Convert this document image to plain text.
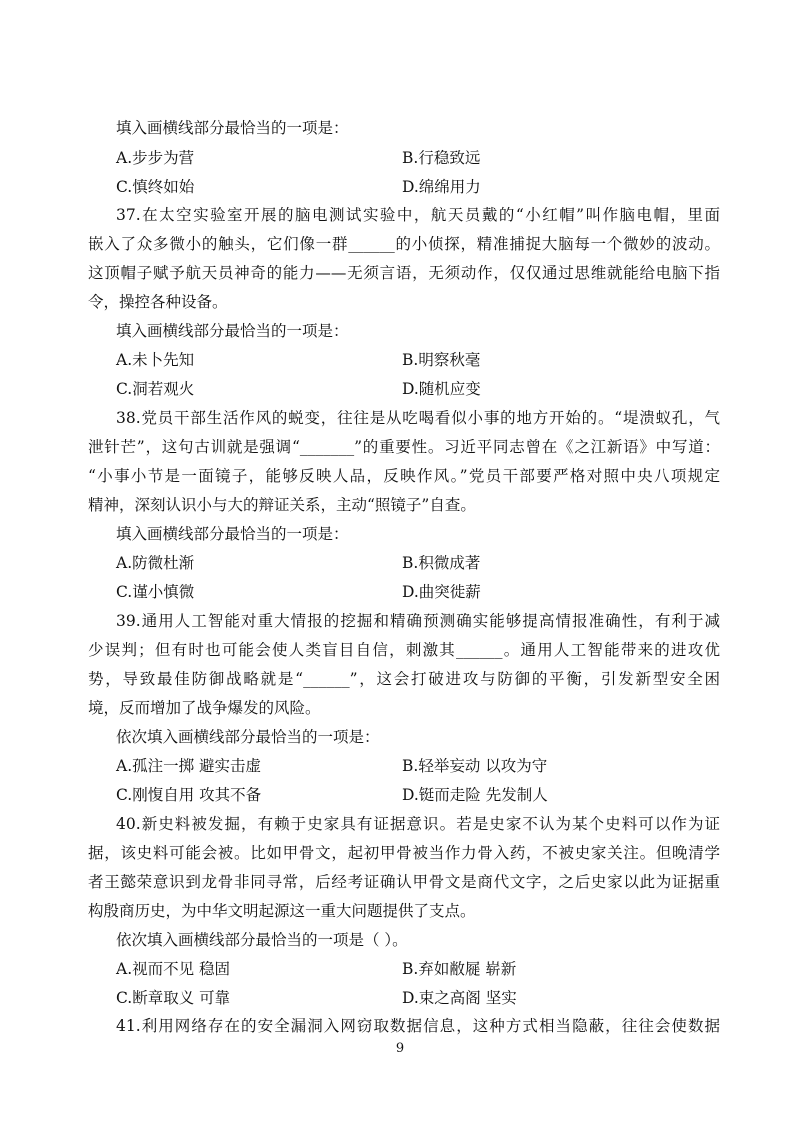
填入画横线部分最恰当的一项是：
A.步步为营	B.行稳致远
C.慎终如始	D.绵绵用力
37.在太空实验室开展的脑电测试实验中，航天员戴的“小红帽”叫作脑电帽，里面
嵌入了众多微小的触头，它们像一群______的小侦探，精准捕捉大脑每一个微妙的波动。
这顶帽子赋予航天员神奇的能力——无须言语，无须动作，仅仅通过思维就能给电脑下指
令，操控各种设备。
填入画横线部分最恰当的一项是：
A.未卜先知	B.明察秋毫
C.洞若观火	D.随机应变
38.党员干部生活作风的蜕变，往往是从吃喝看似小事的地方开始的。“堤溃蚁孔，气
泄针芒”，这句古训就是强调“_______”的重要性。习近平同志曾在《之江新语》中写道：
“小事小节是一面镜子，能够反映人品，反映作风。”党员干部要严格对照中央八项规定
精神，深刻认识小与大的辩证关系，主动“照镜子”自查。
填入画横线部分最恰当的一项是：
A.防微杜渐	B.积微成著
C.谨小慎微	D.曲突徙薪
39.通用人工智能对重大情报的挖掘和精确预测确实能够提高情报准确性，有利于减
少误判；但有时也可能会使人类盲目自信，刺激其______。通用人工智能带来的进攻优
势，导致最佳防御战略就是“______”，这会打破进攻与防御的平衡，引发新型安全困
境，反而增加了战争爆发的风险。
依次填入画横线部分最恰当的一项是：
A.孤注一掷 避实击虚	B.轻举妄动 以攻为守
C.刚愎自用 攻其不备	D.铤而走险 先发制人
40.新史料被发掘，有赖于史家具有证据意识。若是史家不认为某个史料可以作为证
据，该史料可能会被。比如甲骨文，起初甲骨被当作力骨入药，不被史家关注。但晚清学
者王懿荣意识到龙骨非同寻常，后经考证确认甲骨文是商代文字，之后史家以此为证据重
构殷商历史，为中华文明起源这一重大问题提供了支点。
依次填入画横线部分最恰当的一项是（ ）。
A.视而不见 稳固	B.弃如敝屣 崭新
C.断章取义 可靠	D.束之高阁 坚实
41.利用网络存在的安全漏洞入网窃取数据信息，这种方式相当隐蔽，往往会使数据
9
